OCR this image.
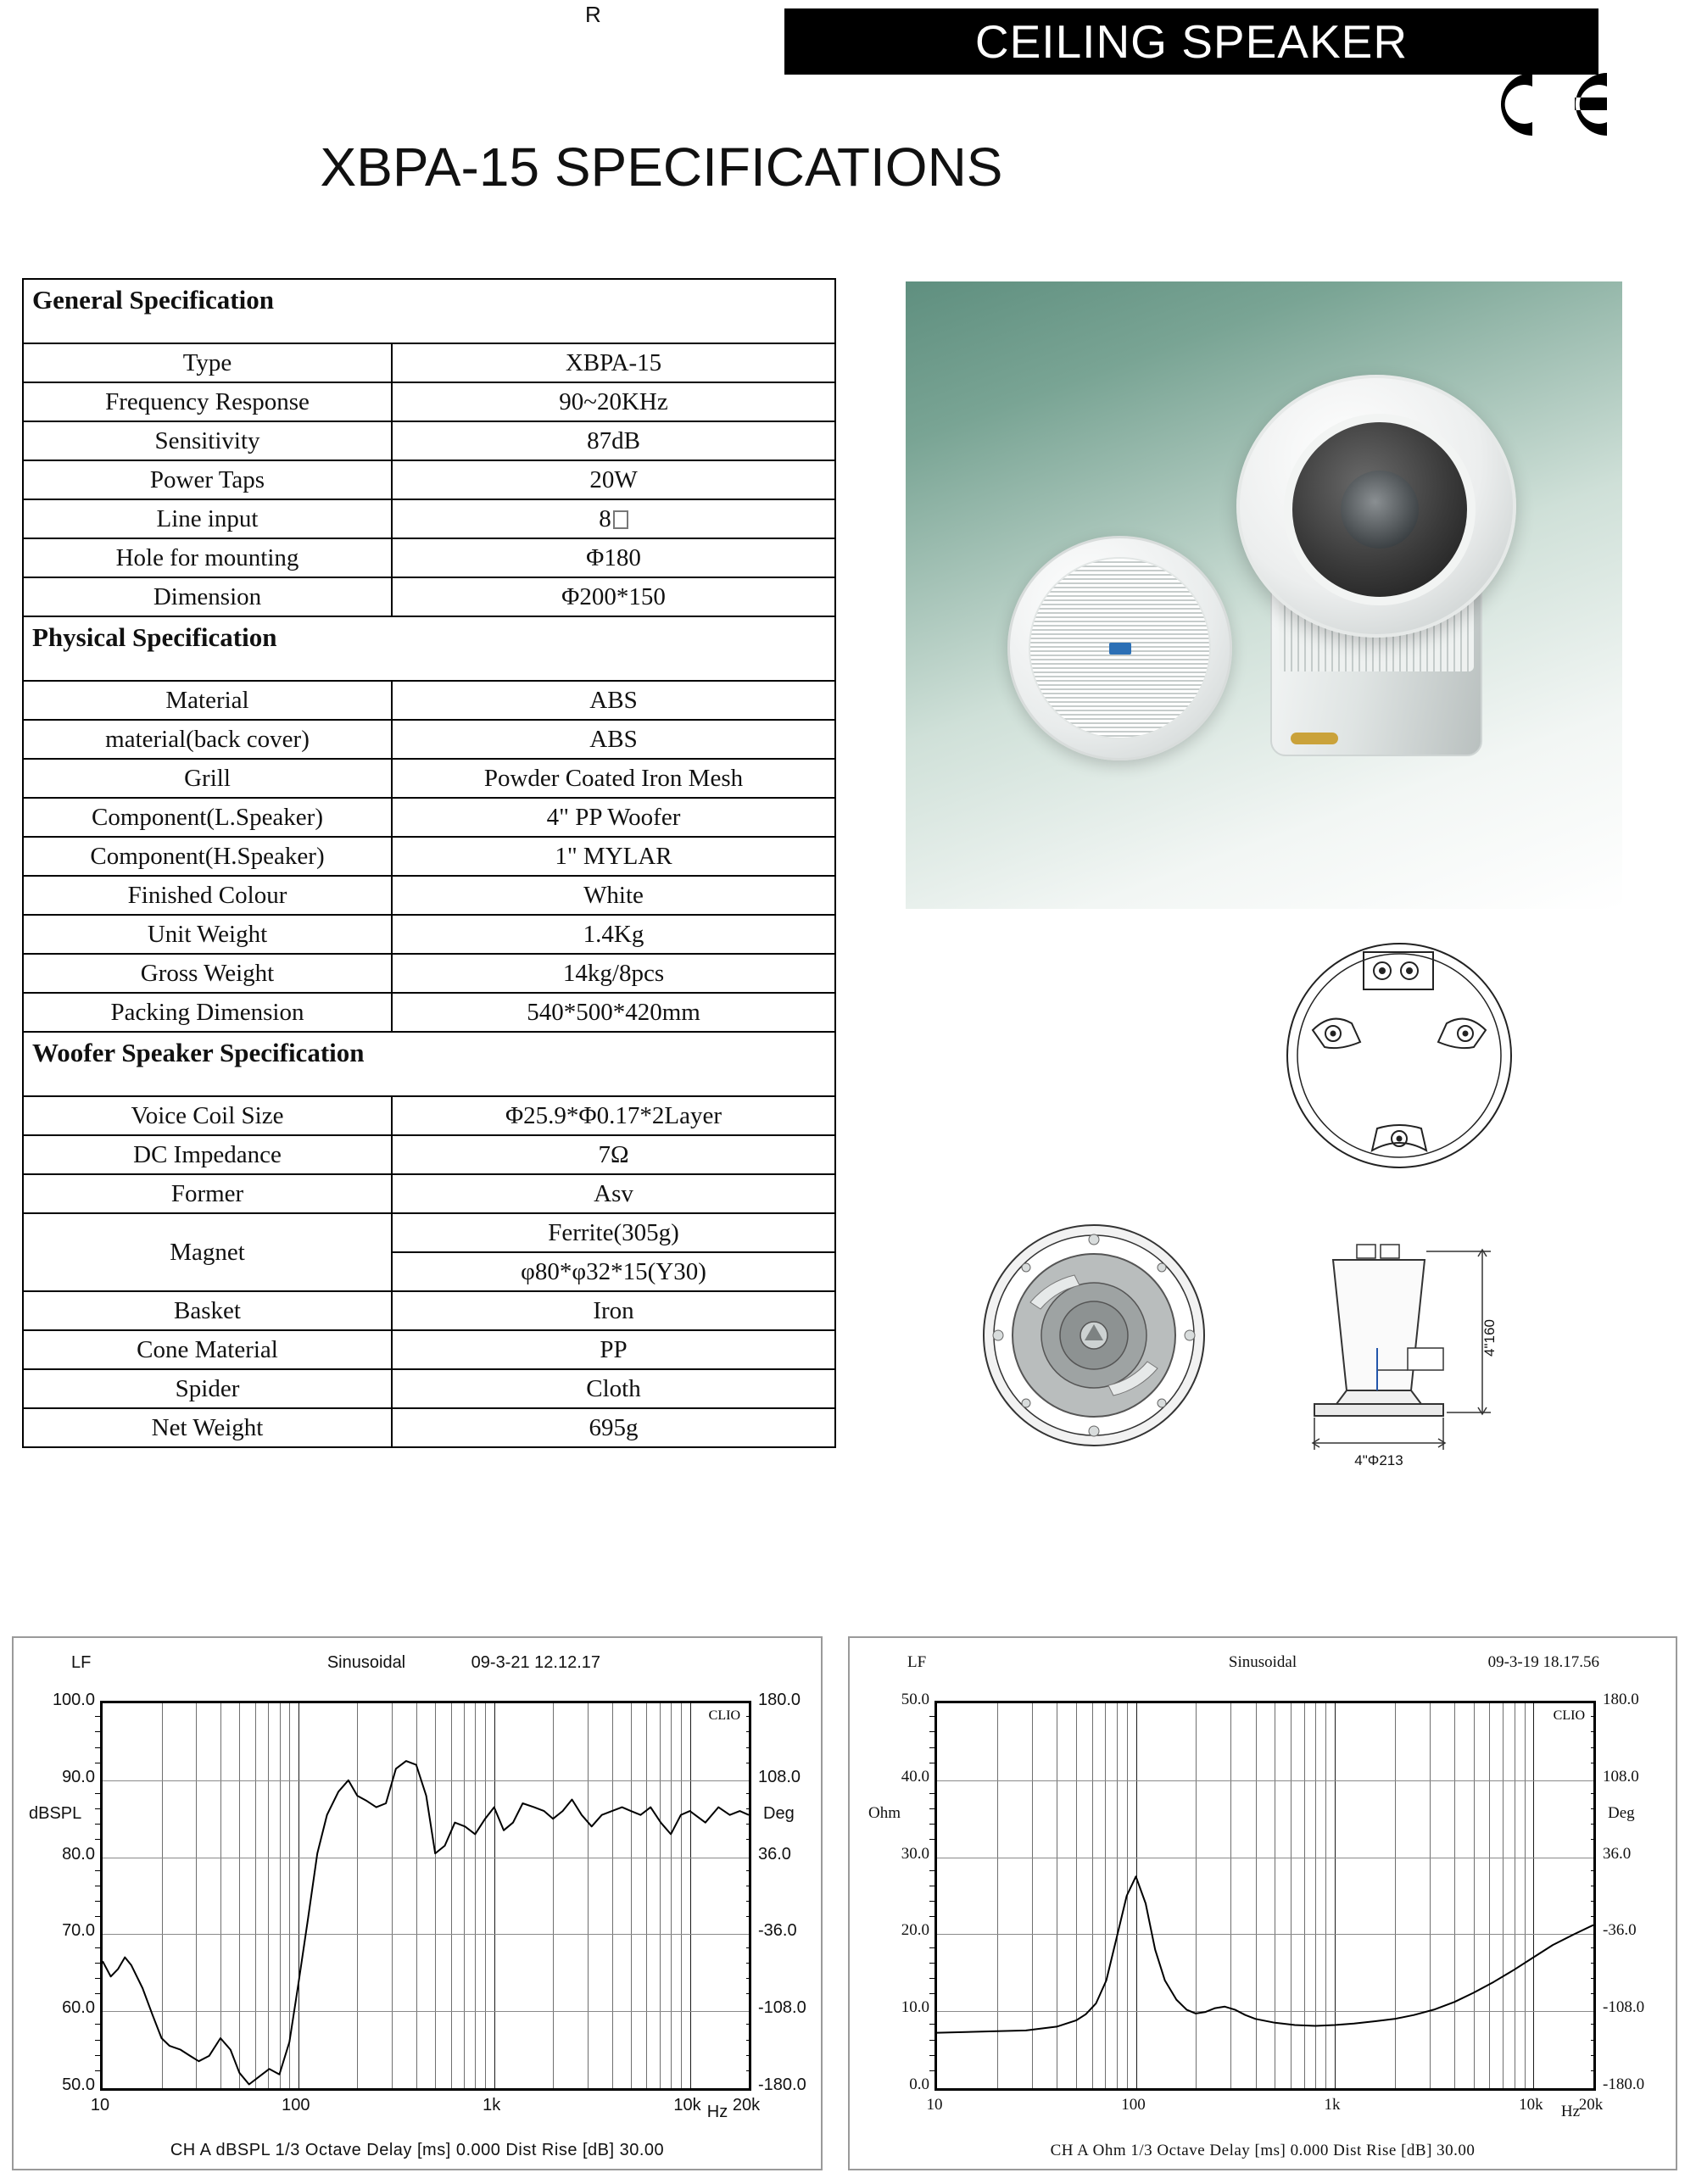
R
CEILING SPEAKER
XBPA-15 SPECIFICATIONS
General Specification	
Type	XBPA-15
Frequency Response	90~20KHz
Sensitivity	87dB
Power Taps	20W
Line input	8
Hole for mounting	Φ180
Dimension	Φ200*150
Physical Specification	
Material	ABS
material(back cover)	ABS
Grill	Powder Coated Iron Mesh
Component(L.Speaker)	4" PP Woofer
Component(H.Speaker)	1" MYLAR
Finished Colour	White
Unit Weight	1.4Kg
Gross Weight	14kg/8pcs
Packing Dimension	540*500*420mm
Woofer Speaker Specification	
Voice Coil Size	Φ25.9*Φ0.17*2Layer
DC Impedance	7Ω
Former	Asv
Magnet	Ferrite(305g)
	φ80*φ32*15(Y30)
Basket	Iron
Cone Material	PP
Spider	Cloth
Net Weight	695g
4"160
4"Φ213
LF	Sinusoidal	09-3-21 12.12.17
CLIO
dBSPL	Deg
Hz
CH A dBSPL 1/3 Octave Delay [ms] 0.000 Dist Rise [dB] 30.00
100.0
90.0
80.0
70.0
60.0
50.0
180.0
108.0
36.0
-36.0
-108.0
-180.0
10	100	1k	10k	20k
LF	Sinusoidal	09-3-19 18.17.56
CLIO
Ohm	Deg
Hz
CH A Ohm 1/3 Octave Delay [ms] 0.000 Dist Rise [dB] 30.00
50.0
40.0
30.0
20.0
10.0
0.0
180.0
108.0
36.0
-36.0
-108.0
-180.0
10	100	1k	10k	20k
